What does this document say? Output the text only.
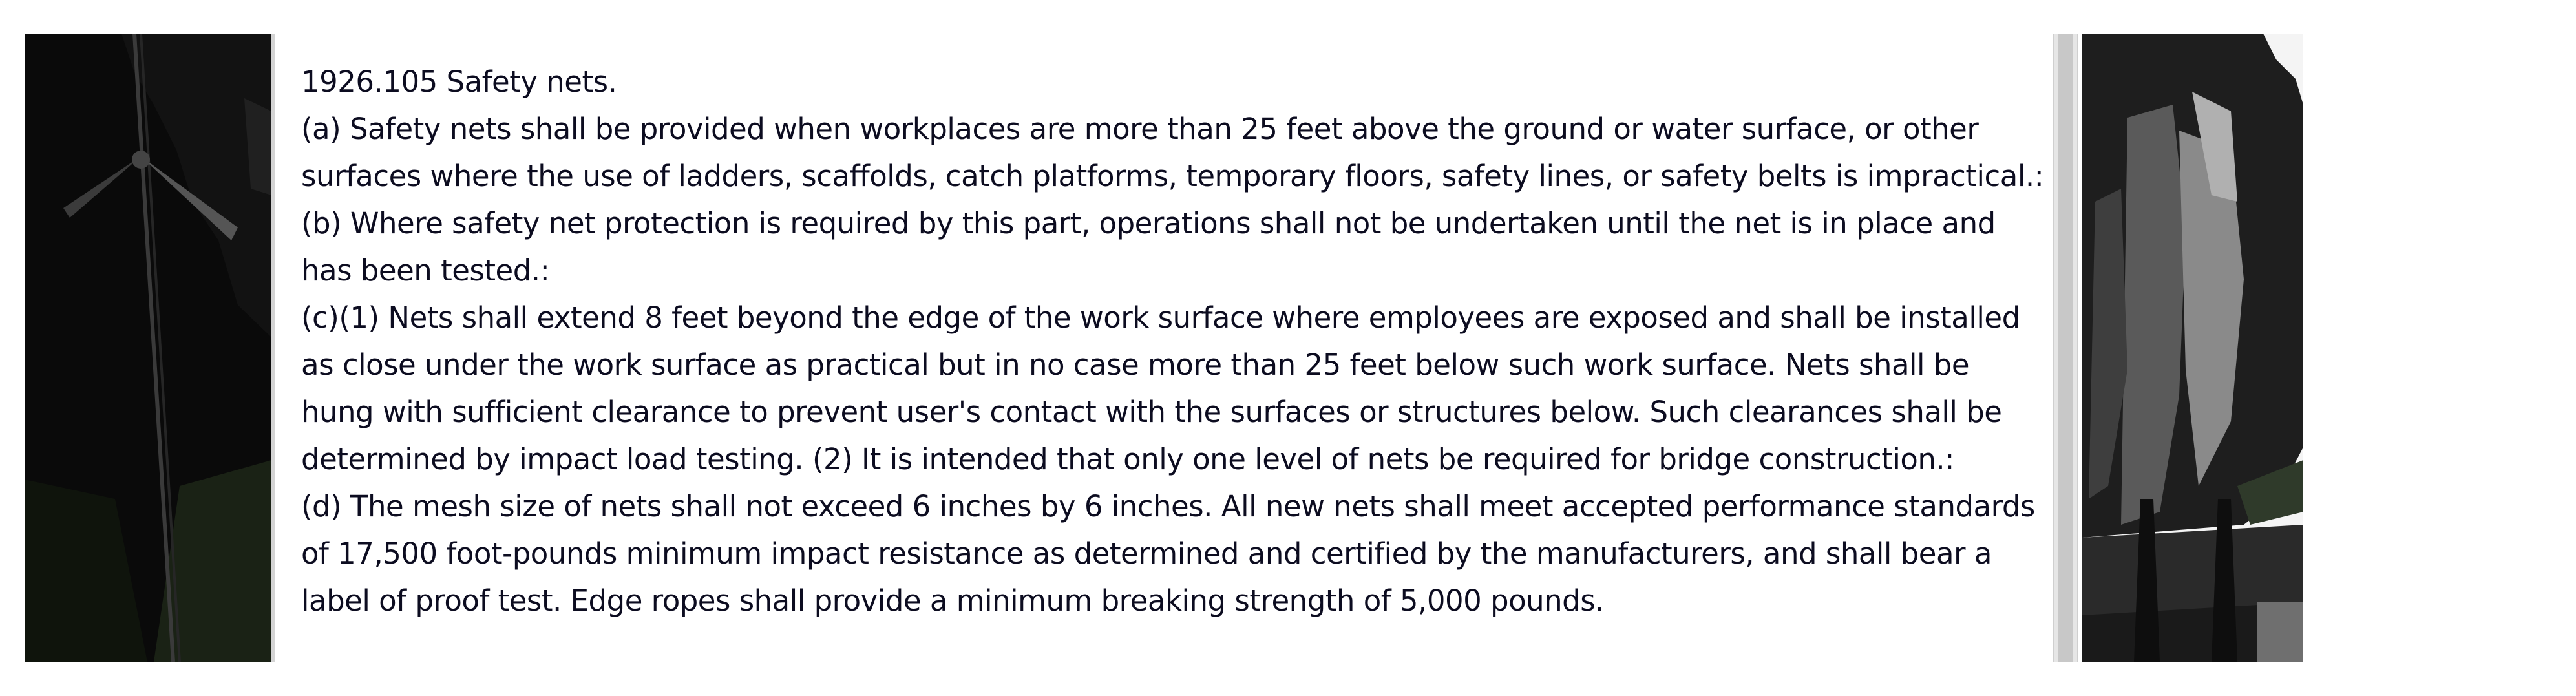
1926.105 Safety nets.
(a) Safety nets shall be provided when workplaces are more than 25 feet above the ground or water surface, or other
surfaces where the use of ladders, scaffolds, catch platforms, temporary floors, safety lines, or safety belts is impractical.:
(b) Where safety net protection is required by this part, operations shall not be undertaken until the net is in place and
has been tested.:
(c)(1) Nets shall extend 8 feet beyond the edge of the work surface where employees are exposed and shall be installed
as close under the work surface as practical but in no case more than 25 feet below such work surface. Nets shall be
hung with sufficient clearance to prevent user's contact with the surfaces or structures below. Such clearances shall be
determined by impact load testing. (2) It is intended that only one level of nets be required for bridge construction.:
(d) The mesh size of nets shall not exceed 6 inches by 6 inches. All new nets shall meet accepted performance standards
of 17,500 foot-pounds minimum impact resistance as determined and certified by the manufacturers, and shall bear a
label of proof test. Edge ropes shall provide a minimum breaking strength of 5,000 pounds.
